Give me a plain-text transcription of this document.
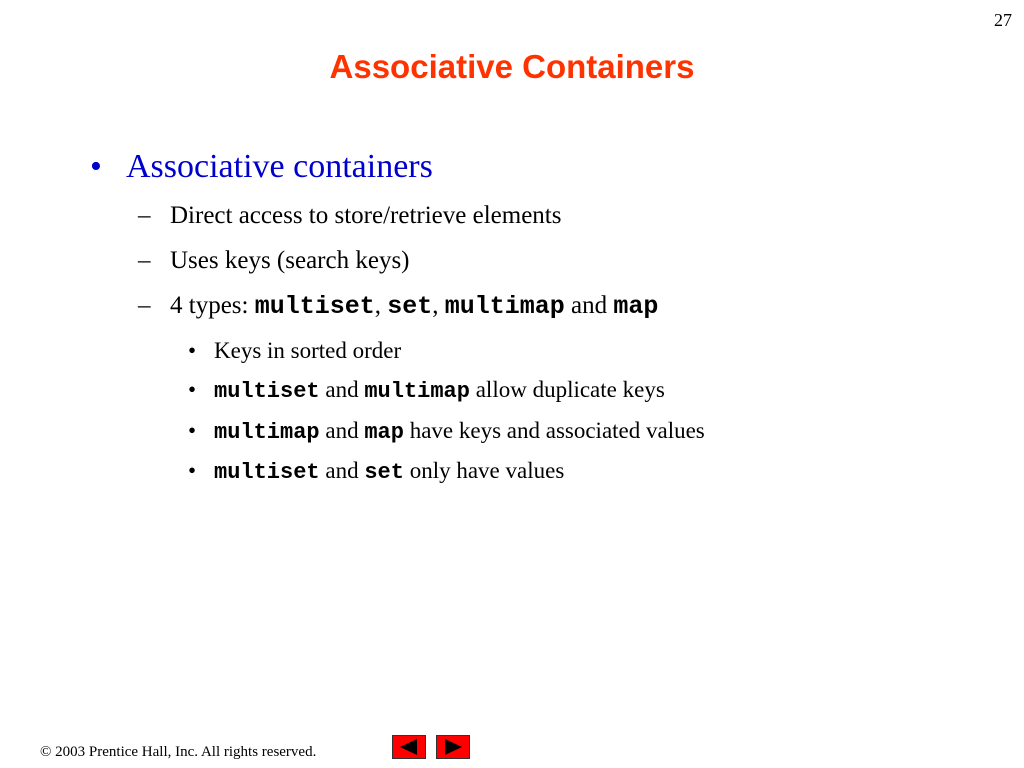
27
Associative Containers
• Associative containers
– Direct access to store/retrieve elements
– Uses keys (search keys)
– 4 types: multiset, set, multimap and map
• Keys in sorted order
• multiset and multimap allow duplicate keys
• multimap and map have keys and associated values
• multiset and set only have values
© 2003 Prentice Hall, Inc. All rights reserved.
